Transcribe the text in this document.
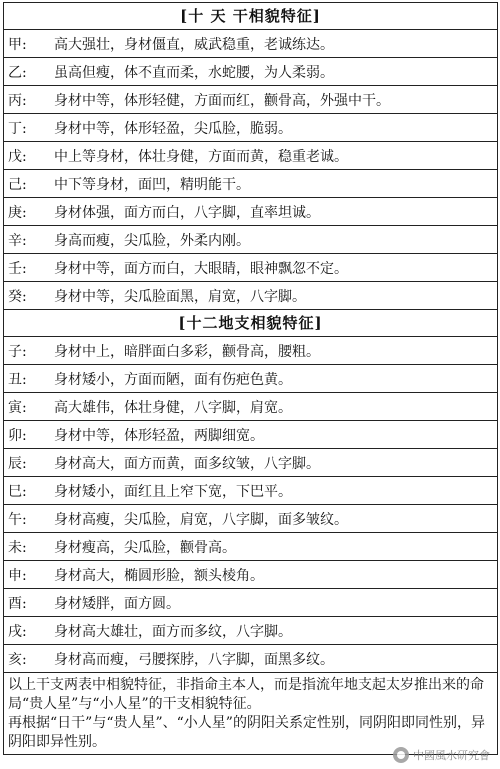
[十 天 干相貌特征]
甲:	高大强壮，身材僵直，威武稳重，老诚练达。
乙:	虽高但瘦，体不直而柔，水蛇腰，为人柔弱。
丙:	身材中等，体形轻健，方面而红，颧骨高，外强中干。
丁:	身材中等，体形轻盈，尖瓜脸，脆弱。
戊:	中上等身材，体壮身健，方面而黄，稳重老诚。
己:	中下等身材，面凹，精明能干。
庚:	身材体强，面方而白，八字脚，直率坦诚。
辛:	身高而瘦，尖瓜脸，外柔内刚。
壬:	身材中等，面方而白，大眼睛，眼神飘忽不定。
癸:	身材中等，尖瓜脸面黑，肩宽，八字脚。
[十二地支相貌特征]
子:	身材中上，暗胖面白多彩，颧骨高，腰粗。
丑:	身材矮小，方面而陋，面有伤疤色黄。
寅:	高大雄伟，体壮身健，八字脚，肩宽。
卯:	身材中等，体形轻盈，两脚细宽。
辰:	身材高大，面方而黄，面多纹皱，八字脚。
巳:	身材矮小，面红且上窄下宽，下巴平。
午:	身材高瘦，尖瓜脸，肩宽，八字脚，面多皱纹。
未:	身材瘦高，尖瓜脸，颧骨高。
申:	身材高大，椭圆形脸，额头棱角。
酉:	身材矮胖，面方圆。
戌:	身材高大雄壮，面方而多纹，八字脚。
亥:	身材高而瘦，弓腰探脖，八字脚，面黑多纹。

以上干支两表中相貌特征，非指命主本人，而是指流年地支起太岁推出来的命局“贵人星”与“小人星”的干支相貌特征。

再根据“日干”与“贵人星”、“小人星”的阴阳关系定性别，同阴阳即同性别，异阴阳即异性别。

中國風水研究會
